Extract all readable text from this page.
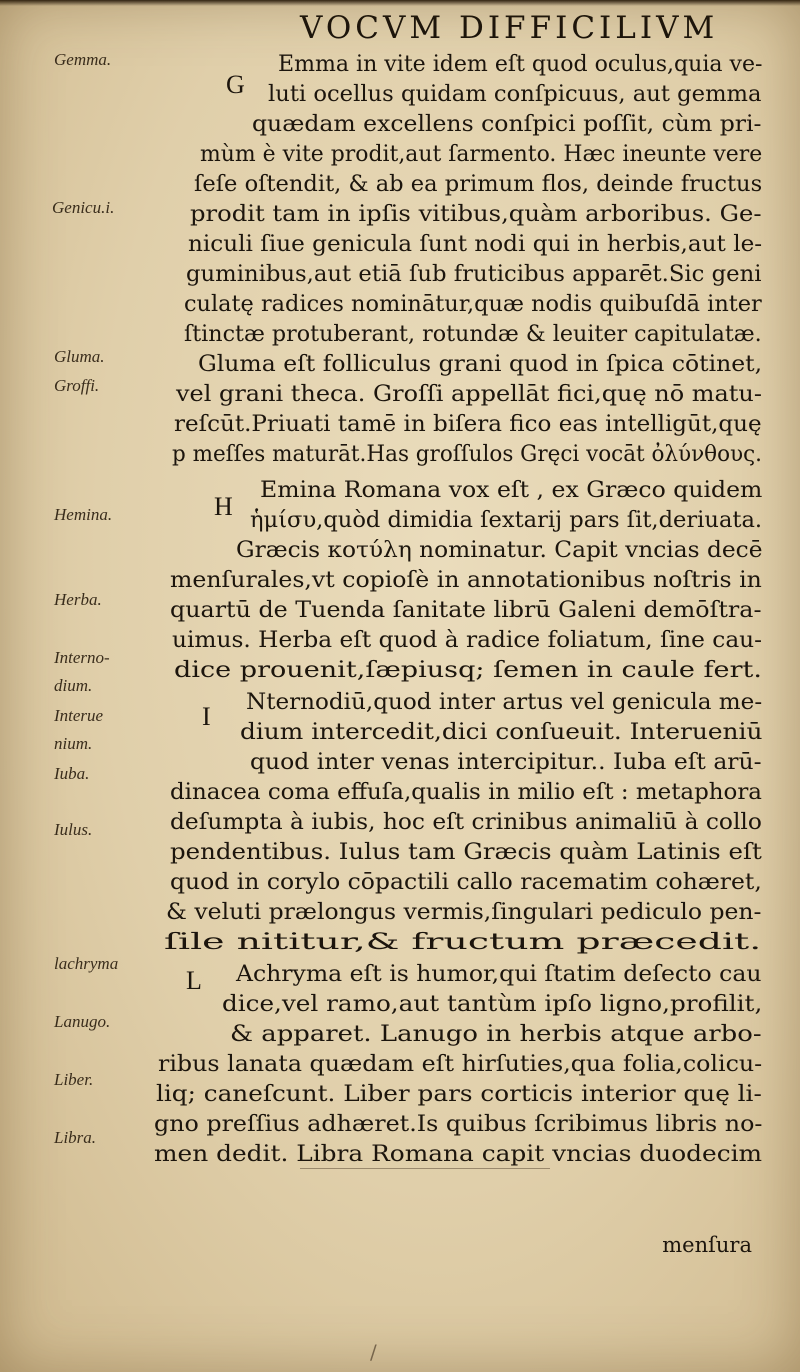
VOCVM DIFFICILIVM
Gemma.
Genicu.i.
Gluma.
Groffi.
Hemina.
Herba.
Interno-
dium.
Interue
nium.
Iuba.
Iulus.
lachryma
Lanugo.
Liber.
Libra.
G
H
I
L
Emma in vite idem eſt quod oculus,quia ve-
luti ocellus quidam conſpicuus, aut gemma
quædam excellens conſpici poſſit, cùm pri-
mùm è vite prodit,aut ſarmento. Hæc ineunte vere
ſeſe oſtendit, & ab ea primum flos, deinde fructus
prodit tam in ipſis vitibus,quàm arboribus. Ge-
niculi ſiue genicula ſunt nodi qui in herbis,aut le-
guminibus,aut etiā ſub fruticibus apparēt.Sic geni
culatę radices nominātur,quæ nodis quibuſdā inter
ſtinctæ protuberant, rotundæ & leuiter capitulatæ.
Gluma eſt folliculus grani quod in ſpica cōtinet,
vel grani theca. Groſſi appellāt fici,quę nō matu-
reſcūt.Priuati tamē in biſera fico eas intelligūt,quę
p meſſes maturāt.Has groſſulos Gręci vocāt ὀλύνθους.
Emina Romana vox eſt , ex Græco quidem
ἡμίσυ,quòd dimidia ſextarij pars ſit,deriuata.
Græcis κοτύλη nominatur. Capit vncias decē
menſurales,vt copioſè in annotationibus noſtris in
quartū de Tuenda ſanitate librū Galeni demōſtra-
uimus. Herba eſt quod à radice foliatum, ſine cau-
dice prouenit,ſæpiusq; ſemen in caule fert.
Nternodiū,quod inter artus vel genicula me-
dium intercedit,dici conſueuit. Interueniū
quod inter venas intercipitur.. Iuba eſt arū-
dinacea coma effuſa,qualis in milio eſt : metaphora
deſumpta à iubis, hoc eſt crinibus animaliū à collo
pendentibus. Iulus tam Græcis quàm Latinis eſt
quod in corylo cōpactili callo racematim cohæret,
& veluti prælongus vermis,ſingulari pediculo pen-
ſile nititur,& fructum præcedit.
Achryma eſt is humor,qui ſtatim deſecto cau
dice,vel ramo,aut tantùm ipſo ligno,profilit,
& apparet. Lanugo in herbis atque arbo-
ribus lanata quædam eſt hirſuties,qua folia,colicu-
liq; caneſcunt. Liber pars corticis interior quę li-
gno preſſius adhæret.Is quibus ſcribimus libris no-
men dedit. Libra Romana capit vncias duodecim
menſura
/
